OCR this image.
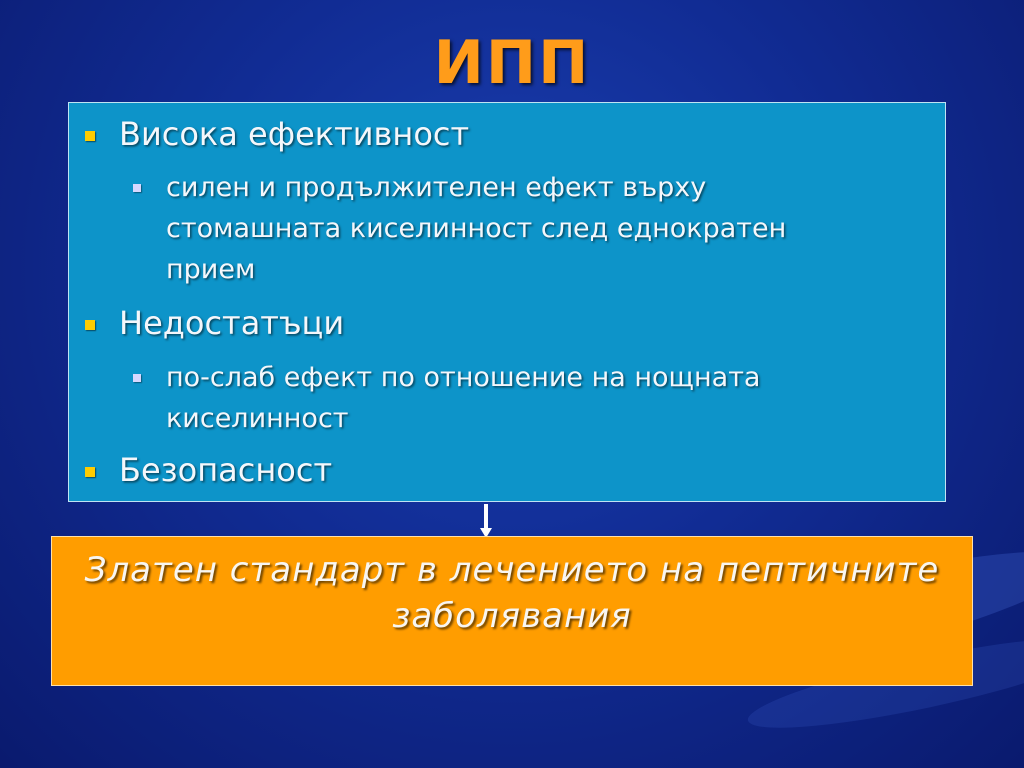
ИПП
Висока ефективност
силен и продължителен ефект върху
стомашната киселинност след еднократен
прием
Недостатъци
по-слаб ефект по отношение на нощната
киселинност
Безопасност
Златен стандарт в лечението на пептичните
заболявания
